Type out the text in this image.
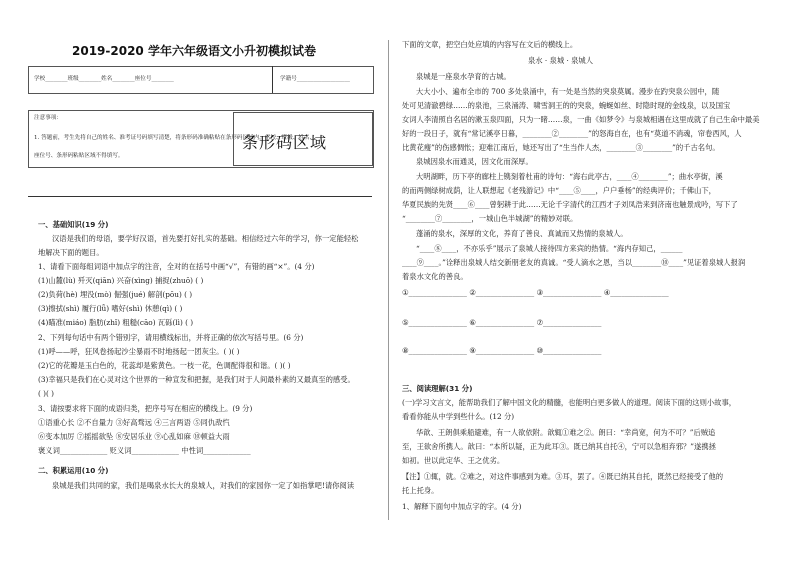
2019-2020 学年六年级语文小升初模拟试卷
学校________班级________姓名________座位号________	学籍号___________________
注意事项：
1. 答题前，考生先将自己的姓名、准考证号码填写清楚，将条形码准确粘贴在条形码区域内。学校、班级、姓名、
座位号、条形码粘贴区域不得填写。
条形码区域
一、基础知识(19 分)
汉语是我们的母语，要学好汉语，首先要打好扎实的基础。相信经过六年的学习，你一定能轻松
地解决下面的题目。
1、请看下面每组词语中加点字的注音，全对的在括号中画“√”，有错的画“×”。(4 分)
(1)山麓(lù) 歼灭(qiān) 兴奋(xìng) 捕捉(zhuō) ( )
(2)负荷(hè) 埋没(mò) 倔强(jué) 解剖(pōu) ( )
(3)擦拭(shì) 履行(lǚ) 嗜好(shì) 休憩(qì) ( )
(4)瞄准(miáo) 脂肪(zhǐ) 粗糙(cāo) 瓦砾(lì) ( )
2、下列每句话中有两个错别字，请用横线标出，并将正确的依次写括号里。(6 分)
(1)呼——呼，狂风卷扬起沙尘暴雨不时地扬起一团灰尘。( )( )
(2)它的花瓣是玉白色的，花蕊却是紫黄色。一枝一花，色调配得很和谐。( )( )
(3)幸福只是我们在心灵对这个世界的一种宣发和把握，是我们对于人间最朴素的又最真至的感受。
( )( )
3、请按要求将下面的成语归类，把序号写在相应的横线上。(9 分)
①语重心长 ②不自量力 ③好高骛远 ④三言两语 ⑤同仇敌忾
⑥变本加厉 ⑦摇摇欲坠 ⑧安居乐业 ⑨心乱如麻 ⑩顿益大雨
褒义词_____________ 贬义词_____________ 中性词_____________
二、积累运用(10 分)
泉城是我们共同的家，我们是喝泉水长大的泉城人，对我们的家园你一定了如指掌吧!请你阅读
下面的文章，把空白处应填的内容写在文后的横线上。
泉水 · 泉城 · 泉城人
泉城是一座泉水孕育的古城。
大大小小、遍布全市的 700 多处泉涌中，有一处是当然的突泉莫属。漫步在趵突泉公园中，随
处可见清澈碧绿……的泉池，三泉涌涛、啸雪洞王的的突泉，蜿蜒如丝、时隐时现的金线泉，以及国宝
女词人李清照自名居的漱玉泉四面，只为一睹……泉，一曲《如梦令》与泉城相遇在这里成就了自己生命中最美
好的一段日子，就有“常记溪亭日暮，________②________”的怒海自在，也有“莫道不消魂，帘卷西风，人
比黄花瘦”的伤感惆怅；迎难江南后，她还写出了“生当作人杰，________③________”的千古名句。
泉城因泉水而通灵，因文化而深厚。
大明湖畔，历下亭的廊柱上镌刻着杜甫的诗句：“海右此亭古，____④________”；曲水亭街，溪
的而两侧绿树成荫，让人联想起《老残游记》中“____⑤____，户户垂杨”的经典评价；千佛山下，
华夏民族的先贤____⑥____曾躬耕于此……无论千字清代的江西才子刘凤浩来到济南也触景成吟，写下了
“________⑦________，一城山色半城湖”的精妙对联。
蓬涌的泉水，深厚的文化，养育了善良、真诚而又热情的泉城人。
“____⑧____，不亦乐乎”展示了泉城人接待四方来宾的热情。“海内存知己，______
____⑨____。”诠释出泉城人结交新朋老友的真诚。“受人滴水之恩，当以________⑩____”见证着泉城人报润
着泉水文化的善良。
①________________ ②________________ ③________________ ④________________
⑤________________ ⑥________________ ⑦________________
⑧________________ ⑨________________ ⑩________________
三、阅读理解(31 分)
(一)学习文言文，能帮助我们了解中国文化的精髓，也能明白更多做人的道理。阅读下面的这则小故事，
看看你能从中学到些什么。(12 分)
华歆、王朗俱乘船避难，有一人欲依附。歆辄①难之②。朗曰：“幸尚宽，何为不可？”后贼追
至，王欲舍所携人。歆曰：“本所以疑，正为此耳③。既已纳其自托④，宁可以急相弃邪？”遂携拯
如初。世以此定华、王之优劣。
【注】①辄，就。②难之，对这件事感到为难。③耳，罢了。④既已纳其自托，既然已经接受了他的
托上托身。
1、解释下面句中加点字的字。(4 分)
